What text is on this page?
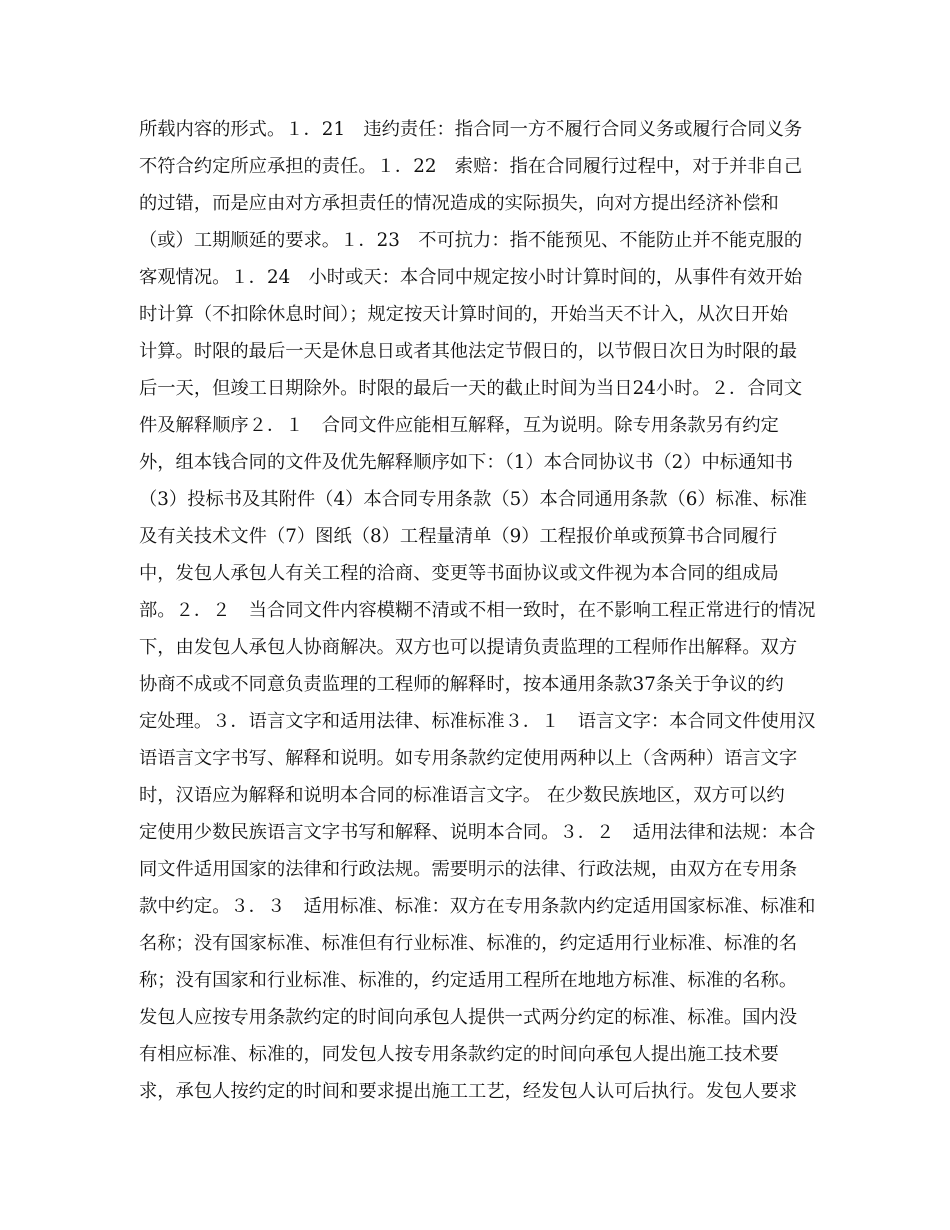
所载内容的形式。１．21　违约责任：指合同一方不履行合同义务或履行合同义务
不符合约定所应承担的责任。１．22　索赔：指在合同履行过程中，对于并非自己
的过错，而是应由对方承担责任的情况造成的实际损失，向对方提出经济补偿和
（或）工期顺延的要求。１．23　不可抗力：指不能预见、不能防止并不能克服的
客观情况。１．24　小时或天：本合同中规定按小时计算时间的，从事件有效开始
时计算（不扣除休息时间）；规定按天计算时间的，开始当天不计入，从次日开始
计算。时限的最后一天是休息日或者其他法定节假日的，以节假日次日为时限的最
后一天，但竣工日期除外。时限的最后一天的截止时间为当日24小时。２．合同文
件及解释顺序２．１　合同文件应能相互解释，互为说明。除专用条款另有约定
外，组本钱合同的文件及优先解释顺序如下：（1）本合同协议书（2）中标通知书
（3）投标书及其附件（4）本合同专用条款（5）本合同通用条款（6）标准、标准
及有关技术文件（7）图纸（8）工程量清单（9）工程报价单或预算书合同履行
中，发包人承包人有关工程的洽商、变更等书面协议或文件视为本合同的组成局
部。２．２　当合同文件内容模糊不清或不相一致时，在不影响工程正常进行的情况
下，由发包人承包人协商解决。双方也可以提请负责监理的工程师作出解释。双方
协商不成或不同意负责监理的工程师的解释时，按本通用条款37条关于争议的约
定处理。３．语言文字和适用法律、标准标准３．１　语言文字：本合同文件使用汉
语语言文字书写、解释和说明。如专用条款约定使用两种以上（含两种）语言文字
时，汉语应为解释和说明本合同的标准语言文字。 在少数民族地区，双方可以约
定使用少数民族语言文字书写和解释、说明本合同。３．２　适用法律和法规：本合
同文件适用国家的法律和行政法规。需要明示的法律、行政法规，由双方在专用条
款中约定。３．３　适用标准、标准：双方在专用条款内约定适用国家标准、标准和
名称；没有国家标准、标准但有行业标准、标准的，约定适用行业标准、标准的名
称；没有国家和行业标准、标准的，约定适用工程所在地地方标准、标准的名称。
发包人应按专用条款约定的时间向承包人提供一式两分约定的标准、标准。国内没
有相应标准、标准的，同发包人按专用条款约定的时间向承包人提出施工技术要
求，承包人按约定的时间和要求提出施工工艺，经发包人认可后执行。发包人要求
